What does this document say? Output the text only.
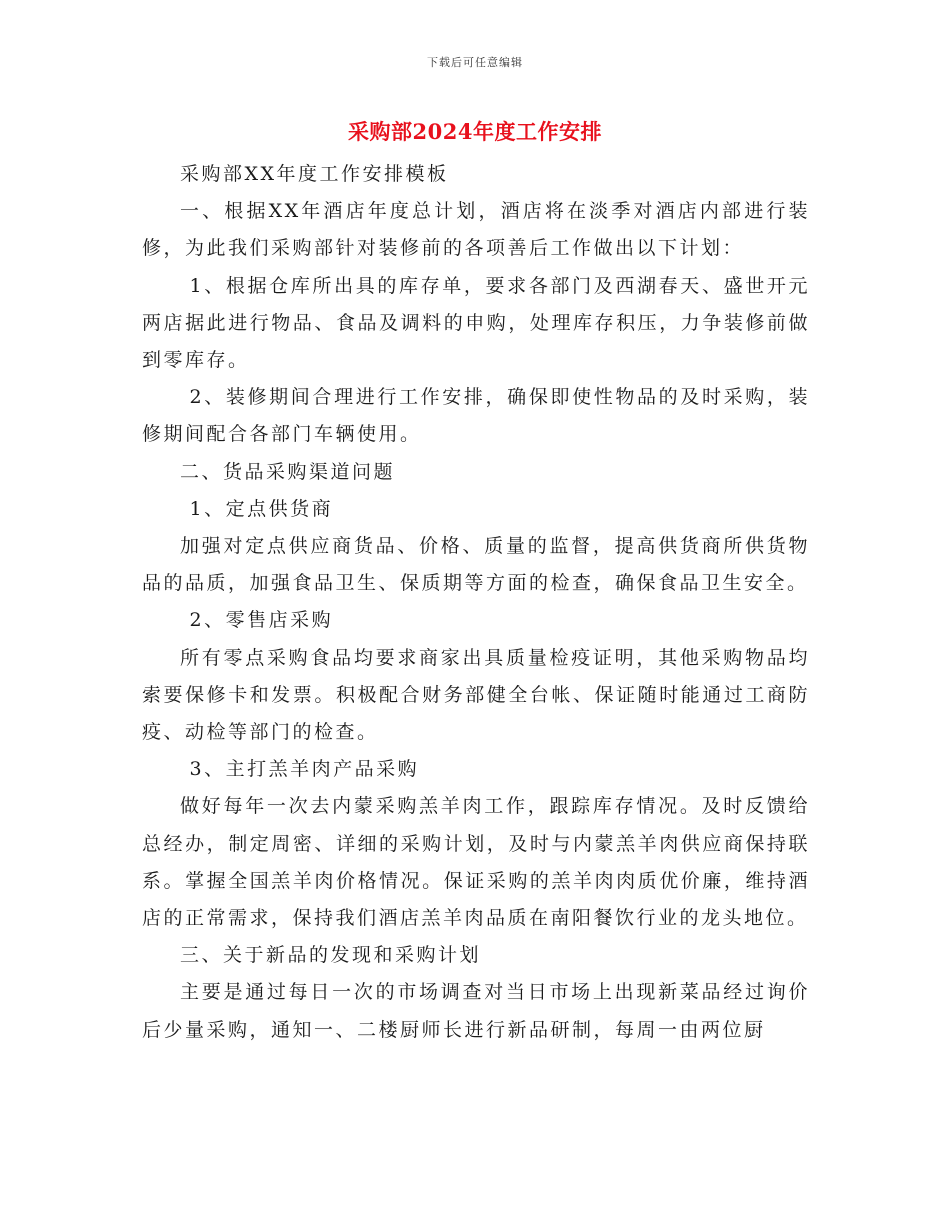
下载后可任意编辑
采购部2024年度工作安排

采购部XX年度工作安排模板

一、根据XX年酒店年度总计划，酒店将在淡季对酒店内部进行装修，为此我们采购部针对装修前的各项善后工作做出以下计划：

1、根据仓库所出具的库存单，要求各部门及西湖春天、盛世开元两店据此进行物品、食品及调料的申购，处理库存积压，力争装修前做到零库存。

2、装修期间合理进行工作安排，确保即使性物品的及时采购，装修期间配合各部门车辆使用。

二、货品采购渠道问题

1、定点供货商

加强对定点供应商货品、价格、质量的监督，提高供货商所供货物品的品质，加强食品卫生、保质期等方面的检查，确保食品卫生安全。

2、零售店采购

所有零点采购食品均要求商家出具质量检疫证明，其他采购物品均索要保修卡和发票。积极配合财务部健全台帐、保证随时能通过工商防疫、动检等部门的检查。

3、主打羔羊肉产品采购

做好每年一次去内蒙采购羔羊肉工作，跟踪库存情况。及时反馈给总经办，制定周密、详细的采购计划，及时与内蒙羔羊肉供应商保持联系。掌握全国羔羊肉价格情况。保证采购的羔羊肉肉质优价廉，维持酒店的正常需求，保持我们酒店羔羊肉品质在南阳餐饮行业的龙头地位。

三、关于新品的发现和采购计划

主要是通过每日一次的市场调查对当日市场上出现新菜品经过询价后少量采购，通知一、二楼厨师长进行新品研制，每周一由两位厨
